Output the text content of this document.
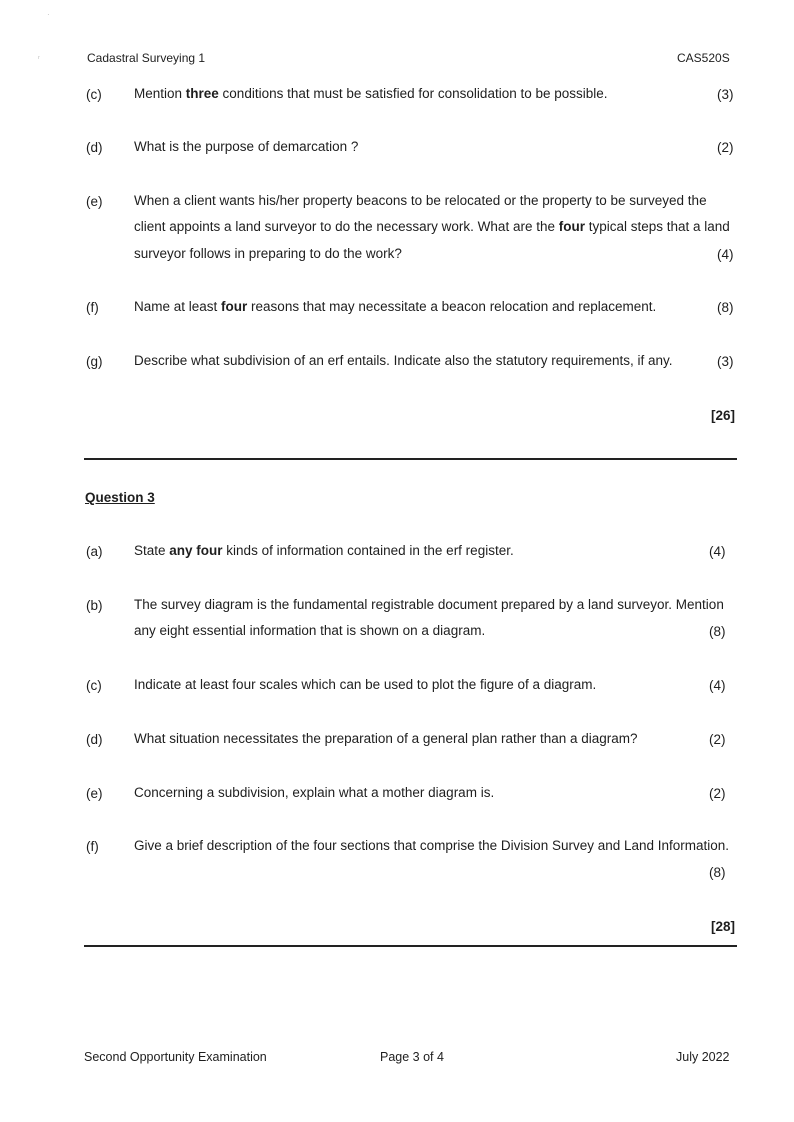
Cadastral Surveying 1	CAS520S
·
ʳ
(c) Mention three conditions that must be satisfied for consolidation to be possible.	(3)
(d) What is the purpose of demarcation ?	(2)
(e) When a client wants his/her property beacons to be relocated or the property to be surveyed the
client appoints a land surveyor to do the necessary work. What are the four typical steps that a land
surveyor follows in preparing to do the work?	(4)
(f)	Name at least four reasons that may necessitate a beacon relocation and replacement.	(8)
(g) Describe what subdivision of an erf entails. Indicate also the statutory requirements, if any.	(3)
[26]
Question 3
(a) State any four kinds of information contained in the erf register.	(4)
(b) The survey diagram is the fundamental registrable document prepared by a land surveyor. Mention
any eight essential information that is shown on a diagram.	(8)
(c) Indicate at least four scales which can be used to plot the figure of a diagram.	(4)
(d) What situation necessitates the preparation of a general plan rather than a diagram?	(2)
(e) Concerning a subdivision, explain what a mother diagram is.	(2)
(f)	Give a brief description of the four sections that comprise the Division Survey and Land Information.
(8)
[28]
Second Opportunity Examination	Page 3 of 4	July 2022
